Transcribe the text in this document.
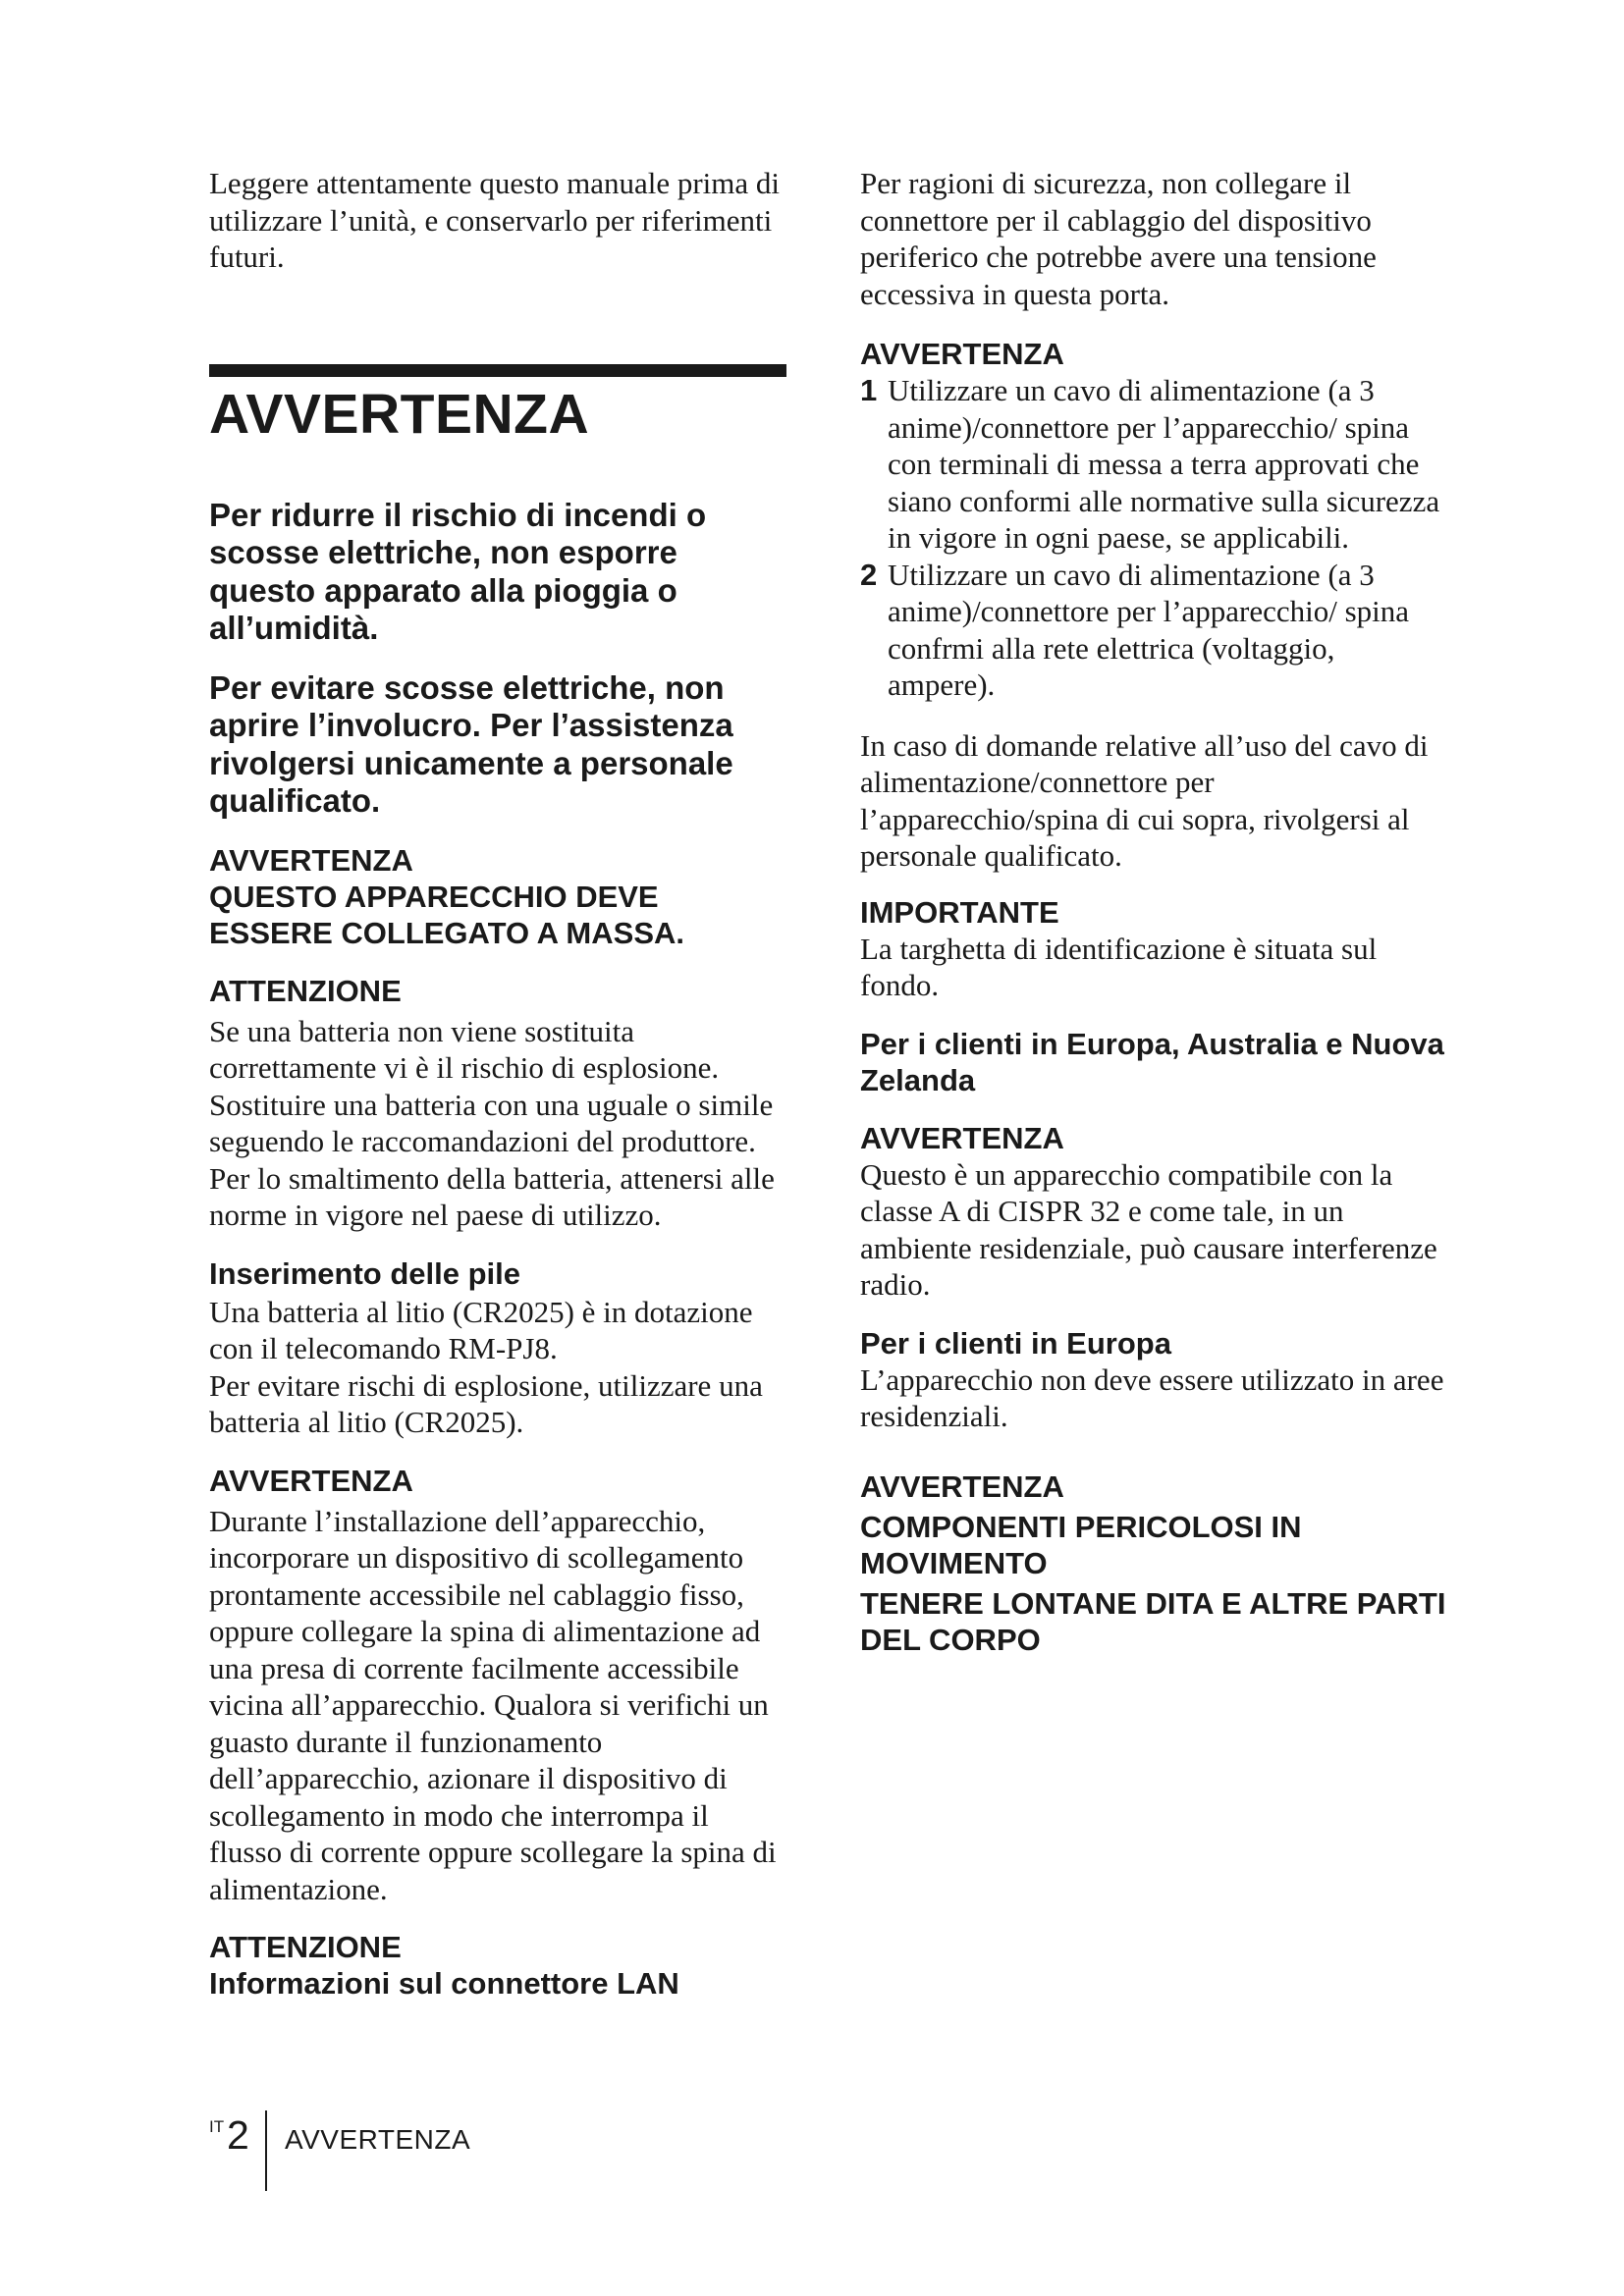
Leggere attentamente questo manuale prima di utilizzare l’unità, e conservarlo per riferimenti futuri.

AVVERTENZA

Per ridurre il rischio di incendi o scosse elettriche, non esporre questo apparato alla pioggia o all’umidità.

Per evitare scosse elettriche, non aprire l’involucro. Per l’assistenza rivolgersi unicamente a personale qualificato.

AVVERTENZA

QUESTO APPARECCHIO DEVE ESSERE COLLEGATO A MASSA.

ATTENZIONE

Se una batteria non viene sostituita correttamente vi è il rischio di esplosione. Sostituire una batteria con una uguale o simile seguendo le raccomandazioni del produttore. Per lo smaltimento della batteria, attenersi alle norme in vigore nel paese di utilizzo.

Inserimento delle pile

Una batteria al litio (CR2025) è in dotazione con il telecomando RM-PJ8.

Per evitare rischi di esplosione, utilizzare una batteria al litio (CR2025).

AVVERTENZA

Durante l’installazione dell’apparecchio, incorporare un dispositivo di scollegamento prontamente accessibile nel cablaggio fisso, oppure collegare la spina di alimentazione ad una presa di corrente facilmente accessibile vicina all’apparecchio. Qualora si verifichi un guasto durante il funzionamento dell’apparecchio, azionare il dispositivo di scollegamento in modo che interrompa il flusso di corrente oppure scollegare la spina di alimentazione.

ATTENZIONE

Informazioni sul connettore LAN

Per ragioni di sicurezza, non collegare il connettore per il cablaggio del dispositivo periferico che potrebbe avere una tensione eccessiva in questa porta.

AVVERTENZA

1 Utilizzare un cavo di alimentazione (a 3 anime)/connettore per l’apparecchio/ spina con terminali di messa a terra approvati che siano conformi alle normative sulla sicurezza in vigore in ogni paese, se applicabili.
2 Utilizzare un cavo di alimentazione (a 3 anime)/connettore per l’apparecchio/ spina confrmi alla rete elettrica (voltaggio, ampere).

In caso di domande relative all’uso del cavo di alimentazione/connettore per l’apparecchio/spina di cui sopra, rivolgersi al personale qualificato.

IMPORTANTE

La targhetta di identificazione è situata sul fondo.

Per i clienti in Europa, Australia e Nuova Zelanda

AVVERTENZA

Questo è un apparecchio compatibile con la classe A di CISPR 32 e come tale, in un ambiente residenziale, può causare interferenze radio.

Per i clienti in Europa

L’apparecchio non deve essere utilizzato in aree residenziali.

AVVERTENZA

COMPONENTI PERICOLOSI IN MOVIMENTO

TENERE LONTANE DITA E ALTRE PARTI DEL CORPO

IT 2 AVVERTENZA
